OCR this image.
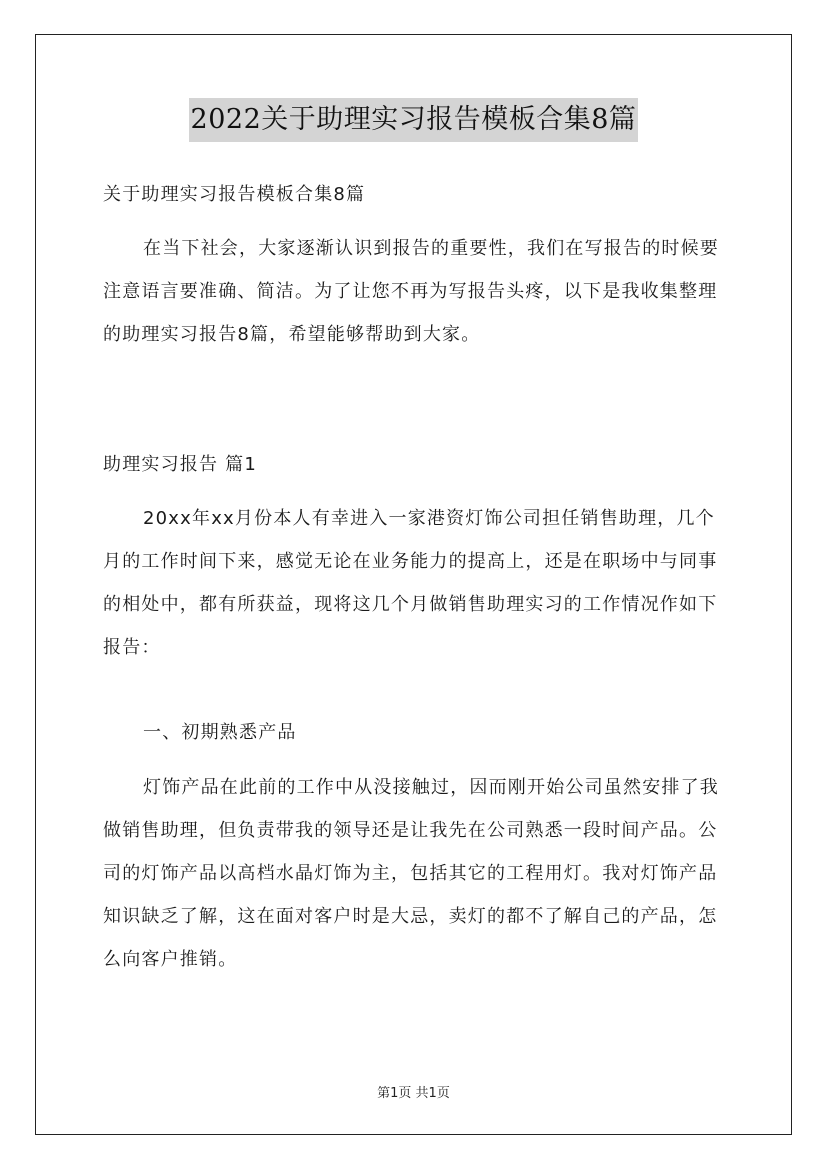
2022关于助理实习报告模板合集8篇

关于助理实习报告模板合集8篇

在当下社会，大家逐渐认识到报告的重要性，我们在写报告的时候要注意语言要准确、简洁。为了让您不再为写报告头疼，以下是我收集整理的助理实习报告8篇，希望能够帮助到大家。

助理实习报告 篇1

20xx年xx月份本人有幸进入一家港资灯饰公司担任销售助理，几个月的工作时间下来，感觉无论在业务能力的提高上，还是在职场中与同事的相处中，都有所获益，现将这几个月做销售助理实习的工作情况作如下报告：

一、初期熟悉产品

灯饰产品在此前的工作中从没接触过，因而刚开始公司虽然安排了我做销售助理，但负责带我的领导还是让我先在公司熟悉一段时间产品。公司的灯饰产品以高档水晶灯饰为主，包括其它的工程用灯。我对灯饰产品知识缺乏了解，这在面对客户时是大忌，卖灯的都不了解自己的产品，怎么向客户推销。

第1页 共1页
